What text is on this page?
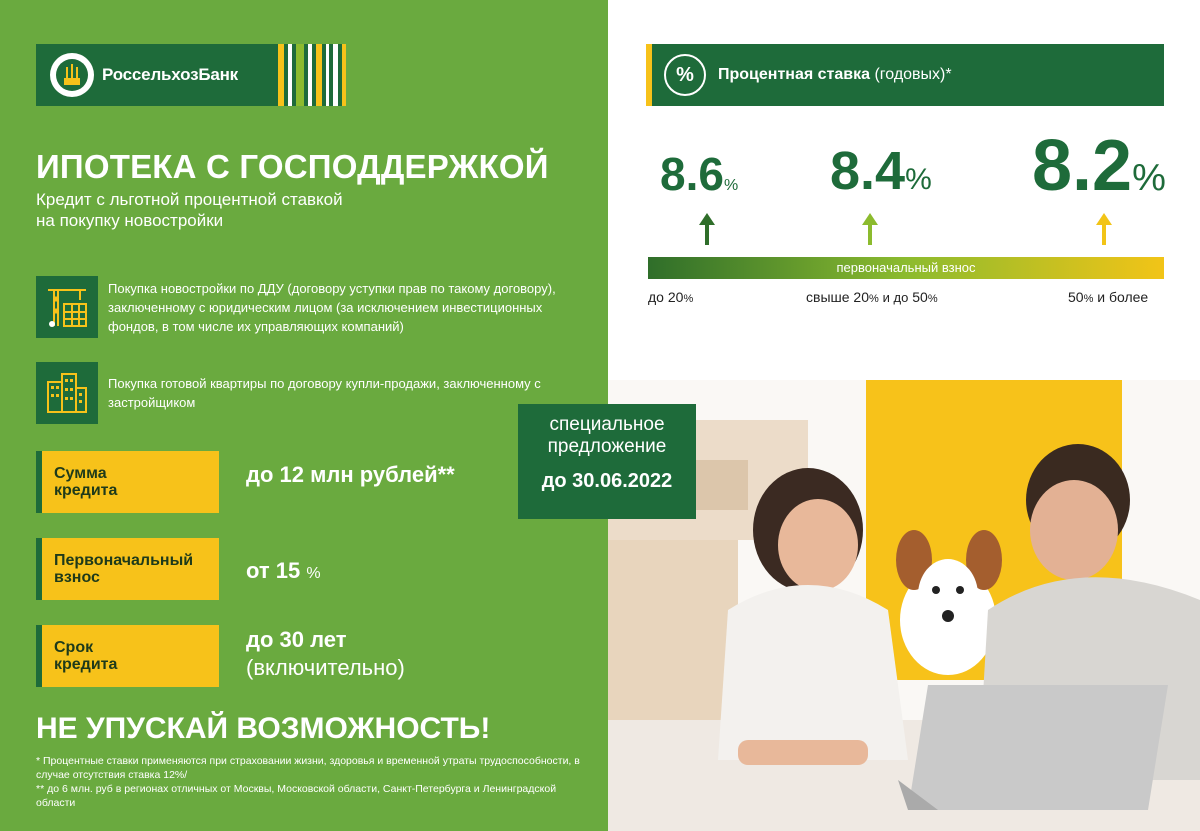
РоссельхозБанк
ИПОТЕКА С ГОСПОДДЕРЖКОЙ
Кредит с льготной процентной ставкой
на покупку новостройки
Покупка новостройки по ДДУ (договору уступки прав по такому договору), заключенному с юридическим лицом (за исключением инвестиционных фондов, в том числе их управляющих компаний)
Покупка готовой квартиры по договору купли-продажи, заключенному с застройщиком
Сумма
кредита
до 12 млн рублей**
Первоначальный
взнос	от 15 %
Срок
кредита
до 30 лет
(включительно)
НЕ УПУСКАЙ ВОЗМОЖНОСТЬ!
* Процентные ставки применяются при страховании жизни, здоровья и временной утраты трудоспособности, в случае отсутствия ставка 12%/
** до 6 млн. руб в регионах отличных от Москвы, Московской области, Санкт-Петербурга и Ленинградской области
%	Процентная ставка (годовых)*
8.6% 8.4% 8.2%
первоначальный взнос
до 20%	свыше 20% и до 50%	50% и более
специальное
предложение
до 30.06.2022
